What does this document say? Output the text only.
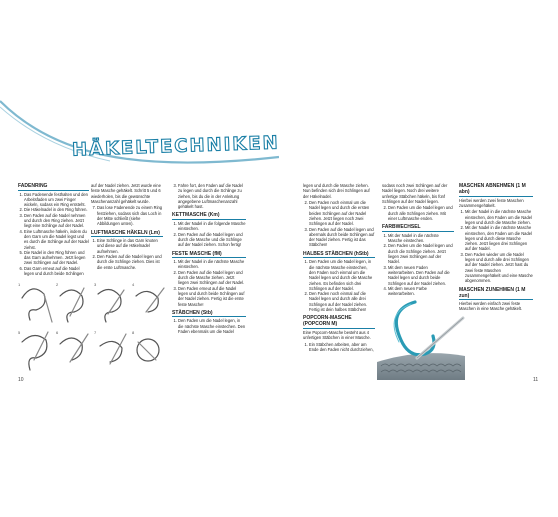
FADENRING
1. Das Fadenende festhalten und den Arbeitsfaden um zwei Finger wickeln, sodass ein Ring entsteht.
2. Die Häkelnadel in den Ring führen.
3. Den Faden auf die Nadel nehmen und durch den Ring ziehen. Jetzt liegt eine Schlinge auf der Nadel.
4. Eine Luftmasche häkeln, indem du den Garn um die Nadel legst und es durch die Schlinge auf der Nadel ziehst.
5. Die Nadel in den Ring führen und das Garn aufnehmen. Jetzt liegen zwei Schlingen auf der Nadel.
6. Das Garn erneut auf die Nadel legen und durch beide Schlingen

auf der Nadel ziehen. Jetzt wurde eine feste Masche gehäkelt. Schritt 5 und 6 wiederholen, bis die gewünschte Maschenanzahl gehäkelt wurde.

7. Das lose Fadenende zu einem Ring festziehen, sodass sich das Loch in der Mitte schließt (siehe Abbildungen unten).
LUFTMASCHE HÄKELN (Lm)
1. Eine Schlinge in das Garn knoten und diese auf die Häkelnadel aufnehmen.
2. Den Faden auf die Nadel legen und durch die Schlinge ziehen. Dies ist die erste Luftmasche.
3. Fahre fort, den Faden auf die Nadel zu legen und durch die Schlinge zu ziehen, bis du die in der Anleitung angegebene Luftmaschenanzahl gehäkelt hast.
KETTMASCHE (Km)
1. Mit der Nadel in die folgende Masche einstechen.
2. Den Faden auf die Nadel legen und durch die Masche und die Schlinge auf der Nadel ziehen. Schon fertig!
FESTE MASCHE (fM)
1. Mit der Nadel in die nächste Masche einstechen.
2. Den Faden auf die Nadel legen und durch die Masche ziehen. Jetzt liegen zwei Schlingen auf der Nadel.
3. Den Faden erneut auf die Nadel legen und durch beide Schlingen auf der Nadel ziehen. Fertig ist die erste feste Masche!
STÄBCHEN (Stb)
1. Den Faden um die Nadel legen, in die nächste Masche einstechen. Den Faden ebenmals um die Nadel
1	2	3	4
5	6	7	8
10
HÄKELTECHNIKEN

legen und durch die Masche ziehen. Nun befinden sich drei Schlingen auf der Häkelnadel.

2. Den Faden noch einmal um die Nadel legen und durch die ersten beiden Schlingen auf der Nadel ziehen. Jetzt liegen noch zwei Schlingen auf der Nadel.
3. Den Faden auf die Nadel legen und abermals durch beide Schlingen auf der Nadel ziehen. Fertig ist das Stäbchen!
HALBES STÄBCHEN (hStb)
1. Den Faden um die Nadel legen, in die nächste Masche einstechen, den Faden noch einmal um die Nadel legen und durch die Masche ziehen. Es befinden sich drei Schlingen auf der Nadel.
2. Den Faden noch einmal auf die Nadel legen und durch alle drei Schlingen auf der Nadel ziehen. Fertig ist dein halbes Stäbchen!
POPCORN-MASCHE (POPCORN M)

Eine Popcorn-Masche besteht aus 4 unfertigen Stäbchen in einer Masche.

1. Ein Stäbchen arbeiten, aber am Ende den Faden nicht durchziehen,

sodass noch zwei Schlingen auf der Nadel liegen. Noch drei weitere unfertige Stäbchen häkeln, bis fünf Schlingen auf der Nadel liegen.

2. Den Faden um die Nadel legen und durch alle Schlingen ziehen. Mit einer Luftmasche enden.
FARBWECHSEL
1. Mit der Nadel in die nächste Masche einstechen.
2. Den Faden um die Nadel legen und durch die Schlinge ziehen. Jetzt liegen zwei Schlingen auf der Nadel.
3. Mit dem neuen Faden weiterarbeiten. Den Faden auf die Nadel legen und durch beide Schlingen auf der Nadel ziehen.
4. Mit dem neuen Farbe weiterarbeiten.
MASCHEN ABNEHMEN (1 M abn)

Hierbei werden zwei feste Maschen zusammengehäkelt.

1. Mit der Nadel in die nächste Masche einstechen, den Faden um die Nadel legen und durch die Masche ziehen.
2. Mit der Nadel in die nächste Masche einstechen, den Faden um die Nadel legen und durch diese Masche ziehen. Jetzt liegen drei Schlingen auf der Nadel.
3. Den Faden wieder um die Nadel legen und durch alle drei Schlingen auf der Nadel ziehen. Jetzt hast du zwei feste Maschen zusammengehäkelt und eine Masche abgenommen.
MASCHEN ZUNEHMEN (1 M zun)

Hierbei werden einfach zwei feste Maschen in eine Masche gehäkelt.

11
